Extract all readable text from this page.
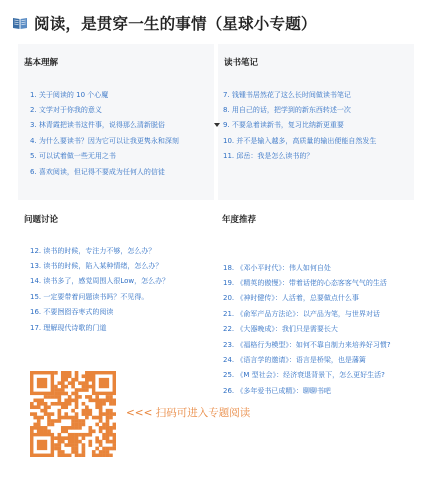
阅读，是贯穿一生的事情（星球小专题）
基本理解
1. 关于阅读的 10 个心魔
2. 文学对于你我的意义
3. 林青霞把读书这件事，说得那么清新脱俗
4. 为什么要读书？因为它可以让我更隽永和深刻
5. 可以试着做一些无用之书
6. 喜欢阅读，但记得不要成为任何人的信徒
读书笔记
7. 钱锺书居然花了这么长时间做读书笔记
8. 用自己的话，把学到的新东西转述一次
9. 不要急着读新书，复习比纳新更重要
10. 并不是输入越多，高质量的输出便能自然发生
11. 邱岳：我是怎么读书的？
问题讨论
12. 读书的时候，专注力不够，怎么办？
13. 读书的时候，陷入某种情绪，怎么办？
14. 读书多了，感觉周围人很Low，怎么办？
15. 一定要带着问题读书吗？不见得。
16. 不要囫囵吞枣式的阅读
17. 理解现代诗歌的门道
年度推荐
18. 《邓小平时代》：伟人如何自处
19. 《精英的傲慢》：带着话佬的心态客客气气的生活
20. 《神时健传》：人活着，总要做点什么事
21. 《俞军产品方法论》：以产品为笔，与世界对话
22. 《大器晚成》：我们只是需要长大
23. 《福格行为模型》：如何不靠自制力来培养好习惯?
24. 《语言学的邀请》：语言是桥梁，也是藩篱
25. 《M 型社会》：经济衰退背景下，怎么更好生活?
26. 《多年爱书已成精》：聊聊书吧
<<< 扫码可进入专题阅读
